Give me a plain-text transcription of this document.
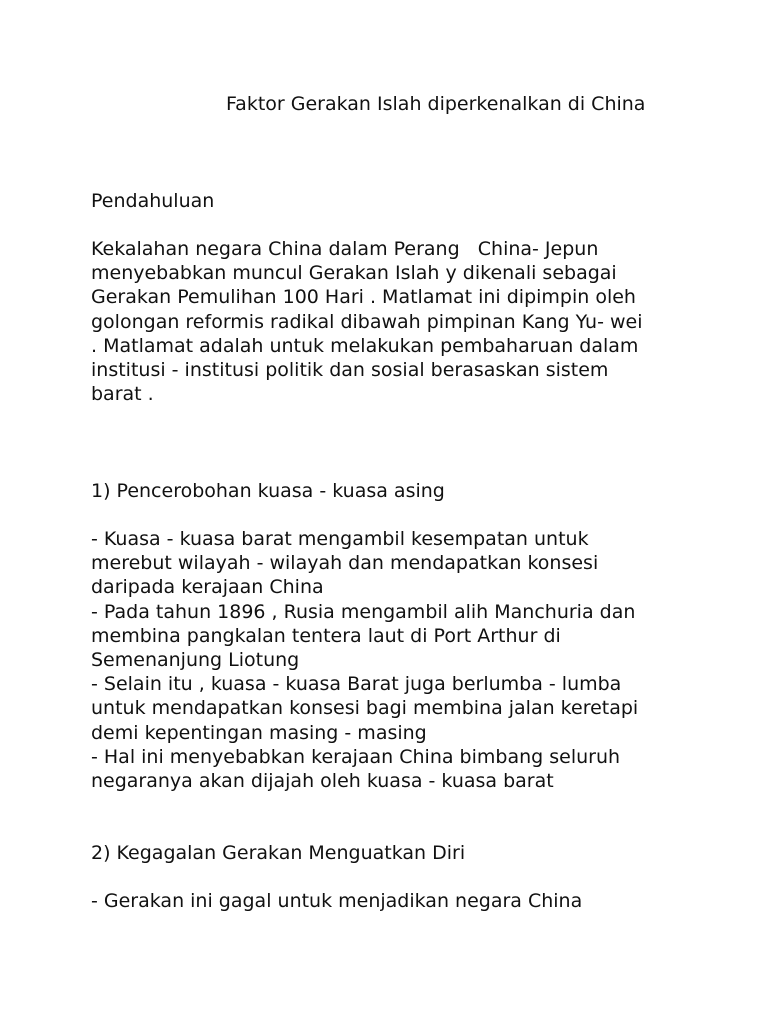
Faktor Gerakan Islah diperkenalkan di China
Pendahuluan
Kekalahan negara China dalam Perang   China- Jepun
menyebabkan muncul Gerakan Islah y dikenali sebagai
Gerakan Pemulihan 100 Hari . Matlamat ini dipimpin oleh
golongan reformis radikal dibawah pimpinan Kang Yu- wei
. Matlamat adalah untuk melakukan pembaharuan dalam
institusi - institusi politik dan sosial berasaskan sistem
barat .
1) Pencerobohan kuasa - kuasa asing
- Kuasa - kuasa barat mengambil kesempatan untuk
merebut wilayah - wilayah dan mendapatkan konsesi
daripada kerajaan China
- Pada tahun 1896 , Rusia mengambil alih Manchuria dan
membina pangkalan tentera laut di Port Arthur di
Semenanjung Liotung
- Selain itu , kuasa - kuasa Barat juga berlumba - lumba
untuk mendapatkan konsesi bagi membina jalan keretapi
demi kepentingan masing - masing
- Hal ini menyebabkan kerajaan China bimbang seluruh
negaranya akan dijajah oleh kuasa - kuasa barat
2) Kegagalan Gerakan Menguatkan Diri
- Gerakan ini gagal untuk menjadikan negara China
